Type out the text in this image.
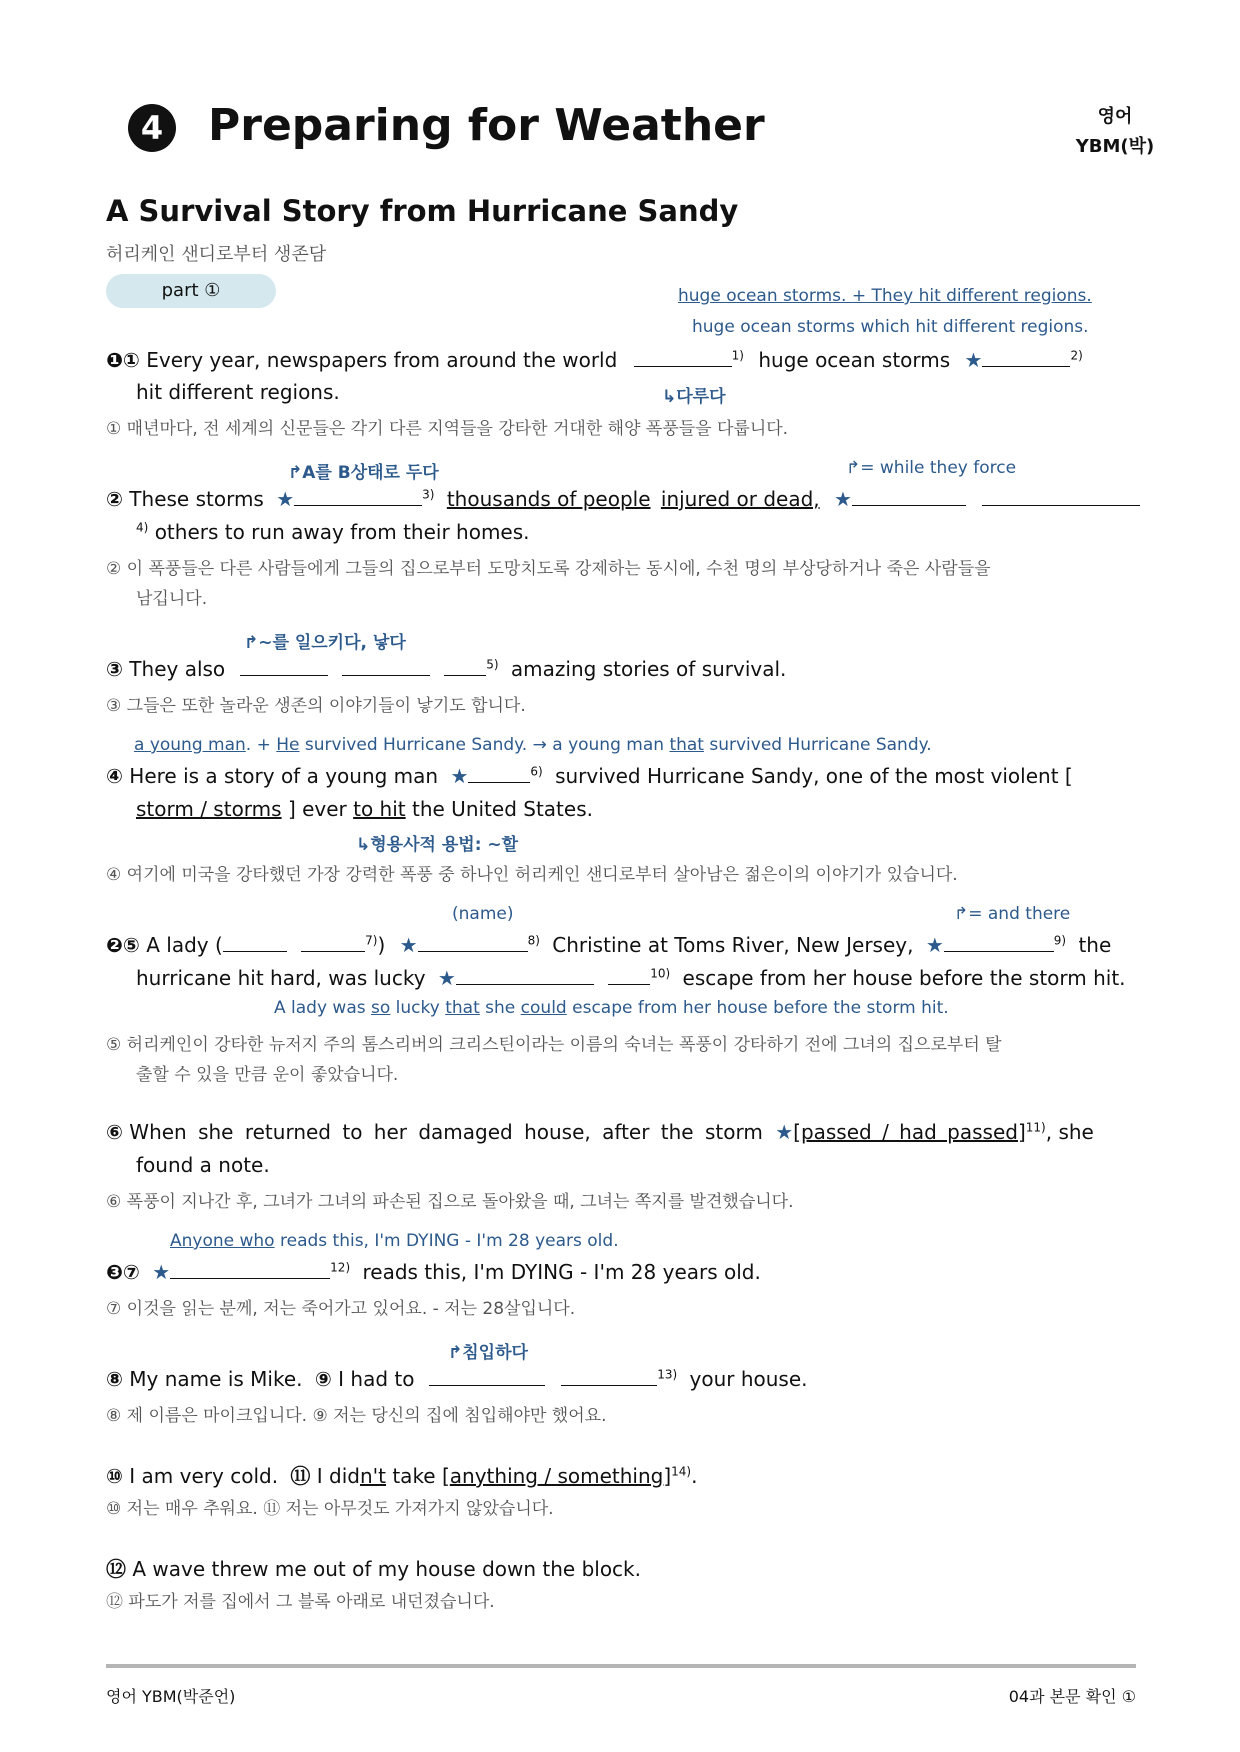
4 Preparing for Weather	영어
YBM(박)
A Survival Story from Hurricane Sandy
허리케인 샌디로부터 생존담
part ①	huge ocean storms. + They hit different regions.
huge ocean storms which hit different regions.
❶① Every year, newspapers from around the world	$^{1)}$ huge ocean storms ★	$^{2)}$
hit different regions.	↳다루다
① 매년마다, 전 세계의 신문들은 각기 다른 지역들을 강타한 거대한 해양 폭풍들을 다룹니다.
↱A를 B상태로 두다	↱= while they force
② These storms ★	$^{3)}$ thousands of people injured or dead, ★
$^{4)}$ others to run away from their homes.
② 이 폭풍들은 다른 사람들에게 그들의 집으로부터 도망치도록 강제하는 동시에, 수천 명의 부상당하거나 죽은 사람들을
남깁니다.
↱~를 일으키다, 낳다
③ They also	$^{5)}$ amazing stories of survival.
③ 그들은 또한 놀라운 생존의 이야기들이 낳기도 합니다.
a young man. + He survived Hurricane Sandy. → a young man that survived Hurricane Sandy.
④ Here is a story of a young man ★	$^{6)}$ survived Hurricane Sandy, one of the most violent [
storm / storms ] ever to hit the United States.
↳형용사적 용법: ~할
④ 여기에 미국을 강타했던 가장 강력한 폭풍 중 하나인 허리케인 샌디로부터 살아남은 젊은이의 이야기가 있습니다.
(name)	↱= and there
❷⑤ A lady (	$^{7)}$) ★	$^{8)}$ Christine at Toms River, New Jersey, ★	$^{9)}$ the
hurricane hit hard, was lucky ★	$^{10)}$ escape from her house before the storm hit.
A lady was so lucky that she could escape from her house before the storm hit.
⑤ 허리케인이 강타한 뉴저지 주의 톰스리버의 크리스틴이라는 이름의 숙녀는 폭풍이 강타하기 전에 그녀의 집으로부터 탈
출할 수 있을 만큼 운이 좋았습니다.
⑥ When she returned to her damaged house, after the storm ★[passed / had passed]$^{11)}$, she
found a note.
⑥ 폭풍이 지나간 후, 그녀가 그녀의 파손된 집으로 돌아왔을 때, 그녀는 쪽지를 발견했습니다.
Anyone who reads this, I'm DYING - I'm 28 years old.
❸⑦ ★	$^{12)}$ reads this, I'm DYING - I'm 28 years old.
⑦ 이것을 읽는 분께, 저는 죽어가고 있어요. - 저는 28살입니다.
↱침입하다
⑧ My name is Mike. ⑨ I had to	$^{13)}$ your house.
⑧ 제 이름은 마이크입니다. ⑨ 저는 당신의 집에 침입해야만 했어요.
⑩ I am very cold. ⑪ I didn't take [anything / something]$^{14)}$.
⑩ 저는 매우 추워요. ⑪ 저는 아무것도 가져가지 않았습니다.
⑫ A wave threw me out of my house down the block.
⑫ 파도가 저를 집에서 그 블록 아래로 내던졌습니다.
영어 YBM(박준언)	04과 본문 확인 ①
